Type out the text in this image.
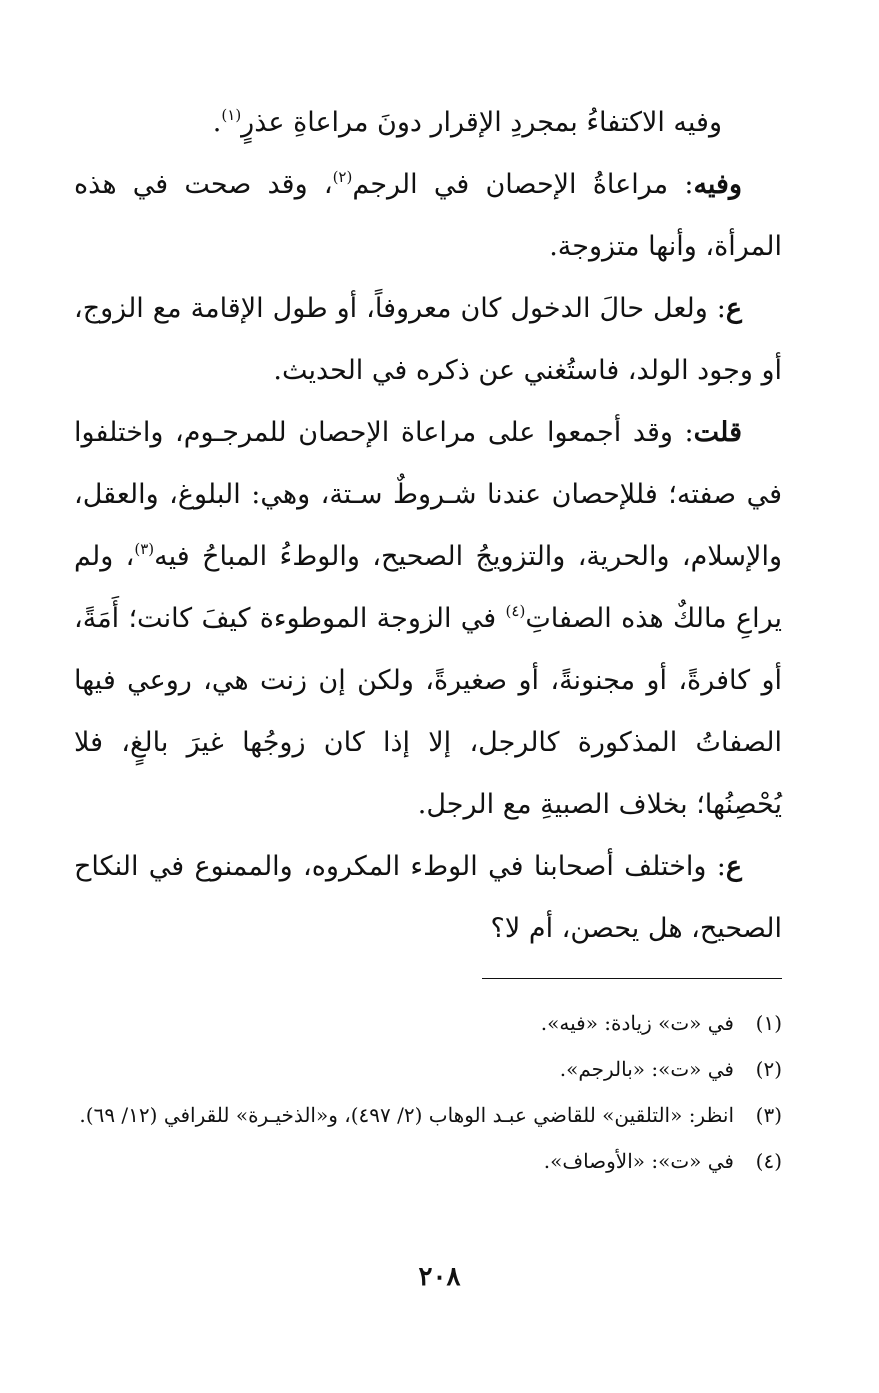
وفيه الاكتفاءُ بمجردِ الإقرار دونَ مراعاةِ عذرٍ$^{(١)}$.

وفيه: مراعاةُ الإحصان في الرجم$^{(٢)}$، وقد صحت في هذه المرأة، وأنها متزوجة.

ع: ولعل حالَ الدخول كان معروفاً، أو طول الإقامة مع الزوج، أو وجود الولد، فاستُغني عن ذكره في الحديث.

قلت: وقد أجمعوا على مراعاة الإحصان للمرجـوم، واختلفوا في صفته؛ فللإحصان عندنا شـروطٌ سـتة، وهي: البلوغ، والعقل، والإسلام، والحرية، والتزويجُ الصحيح، والوطءُ المباحُ فيه$^{(٣)}$، ولم يراعِ مالكٌ هذه الصفاتِ$^{(٤)}$ في الزوجة الموطوءة كيفَ كانت؛ أَمَةً، أو كافرةً، أو مجنونةً، أو صغيرةً، ولكن إن زنت هي، روعي فيها الصفاتُ المذكورة كالرجل، إلا إذا كان زوجُها غيرَ بالغٍ، فلا يُحْصِنُها؛ بخلاف الصبيةِ مع الرجل.

ع: واختلف أصحابنا في الوطء المكروه، والممنوع في النكاح الصحيح، هل يحصن، أم لا؟

(١)
في «ت» زيادة: «فيه».
(٢)
في «ت»: «بالرجم».
(٣)
انظر: «التلقين» للقاضي عبـد الوهاب (٢/ ٤٩٧)، و«الذخيـرة» للقرافي (١٢/ ٦٩).
(٤)
في «ت»: «الأوصاف».
٢٠٨
